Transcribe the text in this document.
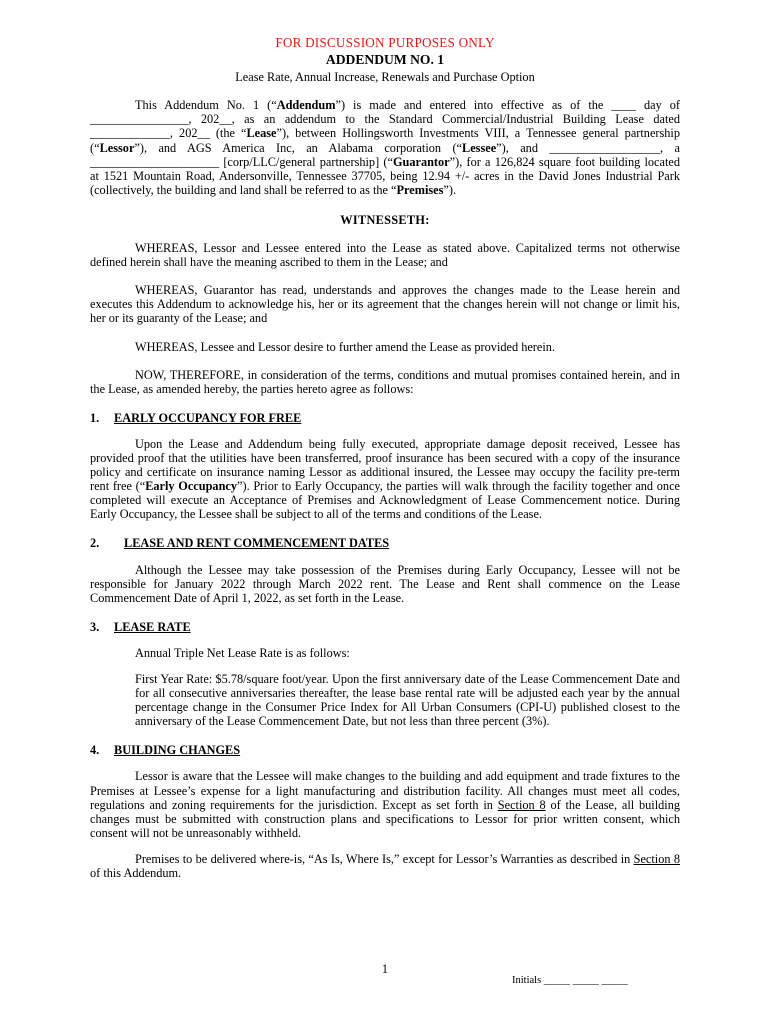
FOR DISCUSSION PURPOSES ONLY
ADDENDUM NO. 1
Lease Rate, Annual Increase, Renewals and Purchase Option

This Addendum No. 1 (“Addendum”) is made and entered into effective as of the ____ day of ________________, 202__, as an addendum to the Standard Commercial/Industrial Building Lease dated _____________, 202__ (the “Lease”), between Hollingsworth Investments VIII, a Tennessee general partnership (“Lessor”), and AGS America Inc, an Alabama corporation (“Lessee”), and __________________, a _____________________ [corp/LLC/general partnership] (“Guarantor”), for a 126,824 square foot building located at 1521 Mountain Road, Andersonville, Tennessee 37705, being 12.94 +/- acres in the David Jones Industrial Park (collectively, the building and land shall be referred to as the “Premises”).

WITNESSETH:

WHEREAS, Lessor and Lessee entered into the Lease as stated above. Capitalized terms not otherwise defined herein shall have the meaning ascribed to them in the Lease; and

WHEREAS, Guarantor has read, understands and approves the changes made to the Lease herein and executes this Addendum to acknowledge his, her or its agreement that the changes herein will not change or limit his, her or its guaranty of the Lease; and

WHEREAS, Lessee and Lessor desire to further amend the Lease as provided herein.

NOW, THEREFORE, in consideration of the terms, conditions and mutual promises contained herein, and in the Lease, as amended hereby, the parties hereto agree as follows:

1. EARLY OCCUPANCY FOR FREE

Upon the Lease and Addendum being fully executed, appropriate damage deposit received, Lessee has provided proof that the utilities have been transferred, proof insurance has been secured with a copy of the insurance policy and certificate on insurance naming Lessor as additional insured, the Lessee may occupy the facility pre-term rent free (“Early Occupancy”). Prior to Early Occupancy, the parties will walk through the facility together and once completed will execute an Acceptance of Premises and Acknowledgment of Lease Commencement notice. During Early Occupancy, the Lessee shall be subject to all of the terms and conditions of the Lease.

2. LEASE AND RENT COMMENCEMENT DATES

Although the Lessee may take possession of the Premises during Early Occupancy, Lessee will not be responsible for January 2022 through March 2022 rent. The Lease and Rent shall commence on the Lease Commencement Date of April 1, 2022, as set forth in the Lease.

3. LEASE RATE

Annual Triple Net Lease Rate is as follows:

First Year Rate: $5.78/square foot/year. Upon the first anniversary date of the Lease Commencement Date and for all consecutive anniversaries thereafter, the lease base rental rate will be adjusted each year by the annual percentage change in the Consumer Price Index for All Urban Consumers (CPI-U) published closest to the anniversary of the Lease Commencement Date, but not less than three percent (3%).

4. BUILDING CHANGES

Lessor is aware that the Lessee will make changes to the building and add equipment and trade fixtures to the Premises at Lessee’s expense for a light manufacturing and distribution facility. All changes must meet all codes, regulations and zoning requirements for the jurisdiction. Except as set forth in Section 8 of the Lease, all building changes must be submitted with construction plans and specifications to Lessor for prior written consent, which consent will not be unreasonably withheld.

Premises to be delivered where-is, “As Is, Where Is,” except for Lessor’s Warranties as described in Section 8 of this Addendum.

1
Initials _____ _____ _____
